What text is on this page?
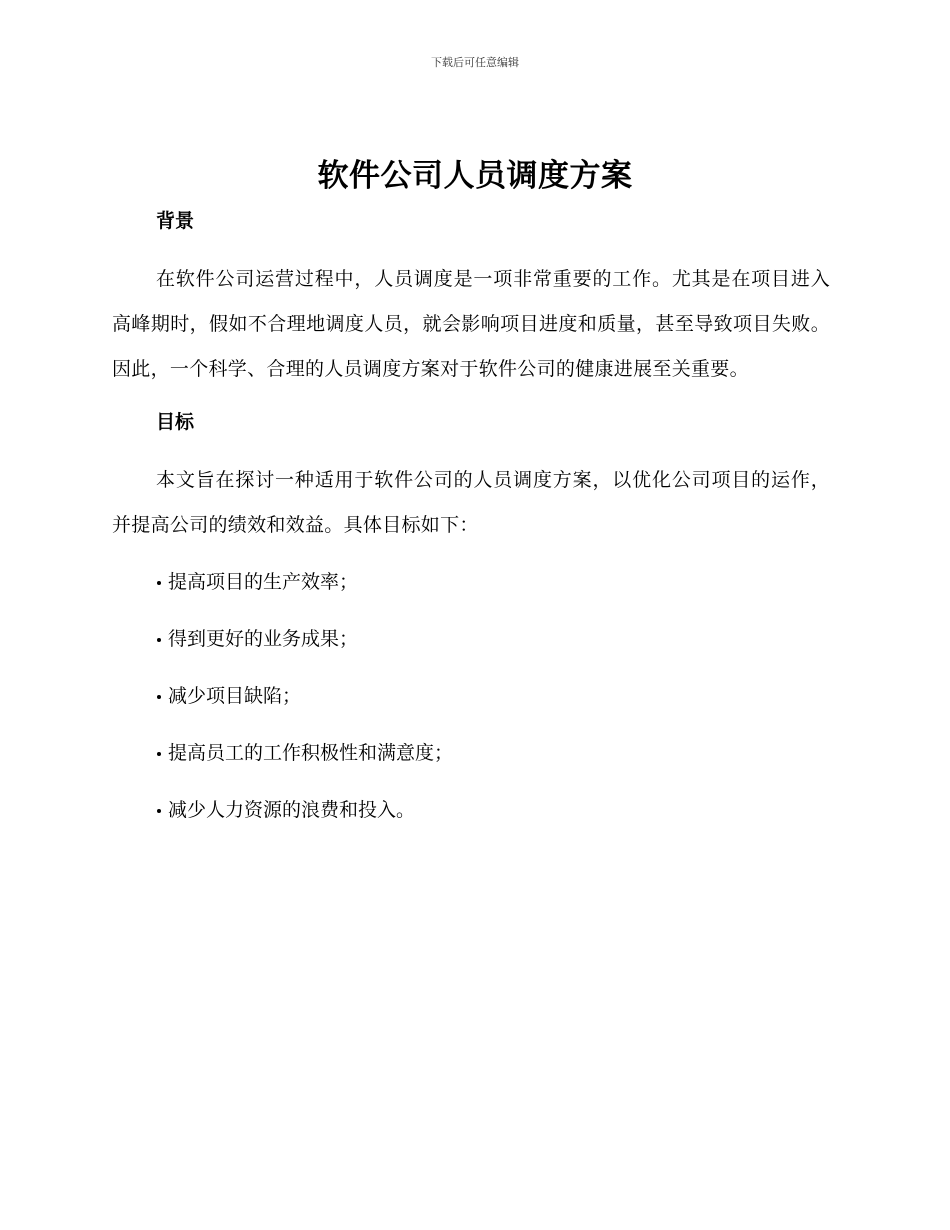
下载后可任意编辑
软件公司人员调度方案
背景

在软件公司运营过程中，人员调度是一项非常重要的工作。尤其是在项目进入高峰期时，假如不合理地调度人员，就会影响项目进度和质量，甚至导致项目失败。因此，一个科学、合理的人员调度方案对于软件公司的健康进展至关重要。

目标

本文旨在探讨一种适用于软件公司的人员调度方案，以优化公司项目的运作，并提高公司的绩效和效益。具体目标如下：

提高项目的生产效率；
得到更好的业务成果；
减少项目缺陷；
提高员工的工作积极性和满意度；
减少人力资源的浪费和投入。
